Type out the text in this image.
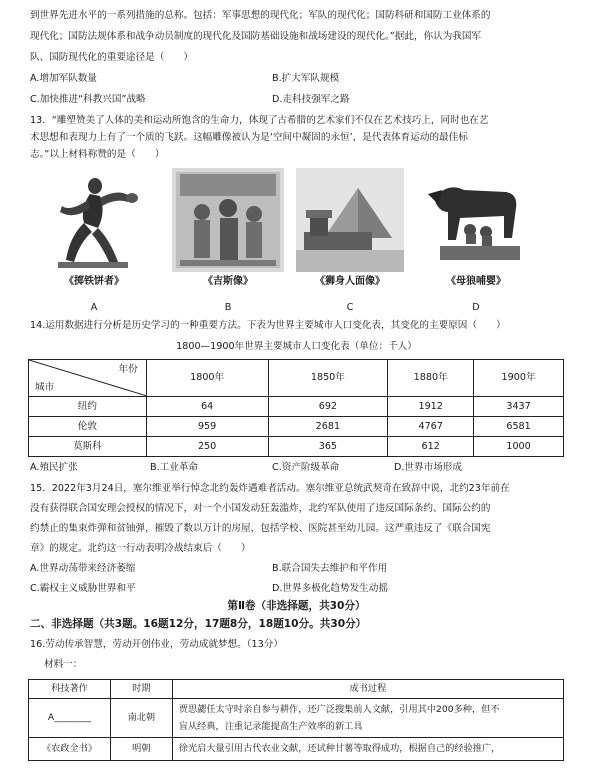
到世界先进水平的一系列措施的总称。包括：军事思想的现代化；军队的现代化；国防科研和国防工业体系的
现代化；国防法规体系和战争动员制度的现代化及国防基础设施和战场建设的现代化。”据此，你认为我国军
队、国防现代化的重要途径是（　　）
A.增加军队数量	B.扩大军队规模
C.加快推进“科教兴国”战略	D.走科技强军之路
13．“雕塑赞美了人体的美和运动所饱含的生命力，体现了古希腊的艺术家们不仅在艺术技巧上，同时也在艺
术思想和表现力上有了一个质的飞跃。这幅雕像被认为是‘空间中凝固的永恒’，是代表体育运动的最佳标
志。”以上材料称赞的是（　　）
《掷铁饼者》
A
《吉斯像》
B
《狮身人面像》
C
《母狼哺婴》
D
14.运用数据进行分析是历史学习的一种重要方法。下表为世界主要城市人口变化表，其变化的主要原因（　　）
1800—1900年世界主要城市人口变化表（单位：千人）
年份
城市	1800年	1850年	1880年	1900年
纽约	64	692	1912	3437
伦敦	959	2681	4767	6581
莫斯科	250	365	612	1000
A.殖民扩张	B.工业革命	C.资产阶级革命	D.世界市场形成
15．2022年3月24日，塞尔维亚举行悼念北约轰炸遇难者活动。塞尔维亚总统武契奇在致辞中说，北约23年前在
没有获得联合国安理会授权的情况下，对一个小国发动狂轰滥炸，北约军队使用了违反国际条约、国际公约的
约禁止的集束炸弹和贫铀弹，摧毁了数以万计的房屋，包括学校、医院甚至幼儿园。这严重违反了《联合国宪
章》的规定。北约这一行动表明冷战结束后（　　）
A.世界动荡带来经济萎缩	B.联合国失去维护和平作用
C.霸权主义威胁世界和平	D.世界多极化趋势发生动摇
第Ⅱ卷（非选择题，共30分）
二、非选择题（共3题。16题12分，17题8分，18题10分。共30分）
16.劳动传承智慧，劳动开创伟业，劳动成就梦想。（13分）
材料一：
科技著作	时期	成书过程
A________	南北朝	贾思勰任太守时亲自参与耕作，还广泛搜集前人文献，引用其中200多种，但不
盲从经典，注重记录能提高生产效率的新工具

《农政全书》	明朝	徐光启大量引用古代农业文献，还试种甘薯等取得成功，根据自己的经验推广，
